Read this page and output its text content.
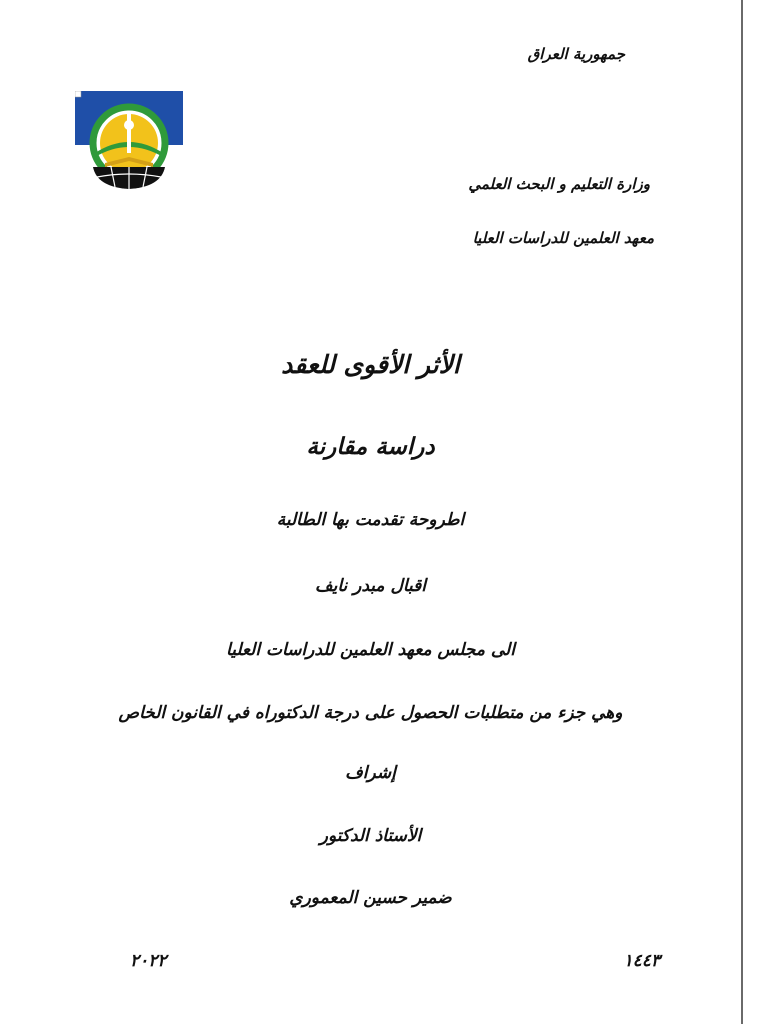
جمهورية العراق
وزارة التعليم و البحث العلمي
معهد العلمين للدراسات العليا
الأثر الأقوى للعقد
دراسة مقارنة
اطروحة تقدمت بها الطالبة
اقبال مبدر نايف
الى مجلس معهد العلمين للدراسات العليا
وهي جزء من متطلبات الحصول على درجة الدكتوراه في القانون الخاص
إشراف
الأستاذ الدكتور
ضمير حسين المعموري
١٤٤٣
٢٠٢٢
